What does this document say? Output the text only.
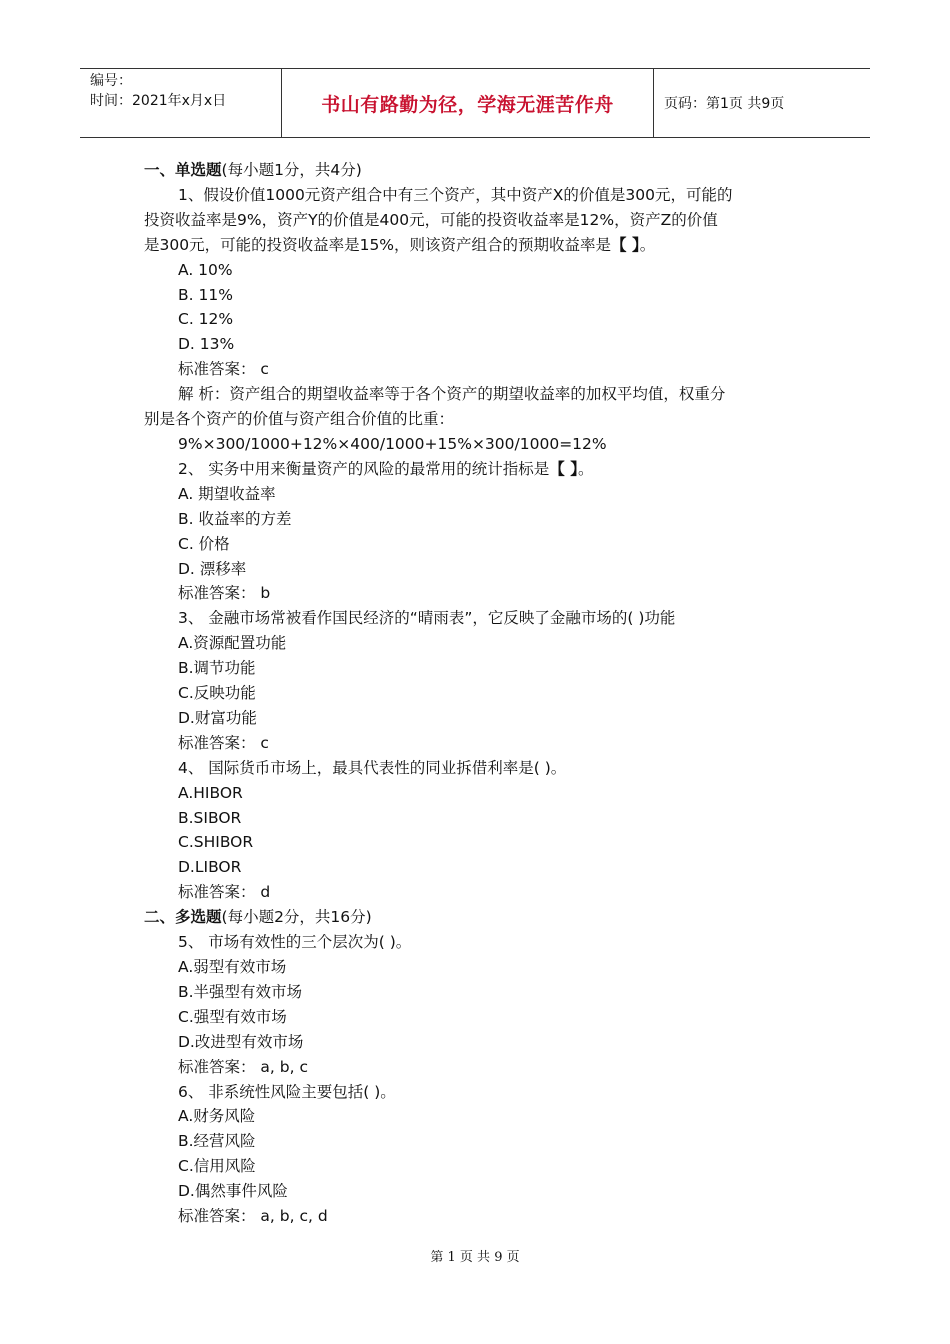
编号：
时间：2021年x月x日	书山有路勤为径，学海无涯苦作舟	页码：第1页 共9页
一、单选题(每小题1分，共4分)
1、假设价值1000元资产组合中有三个资产，其中资产X的价值是300元，可能的
投资收益率是9%，资产Y的价值是400元，可能的投资收益率是12%，资产Z的价值
是300元，可能的投资收益率是15%，则该资产组合的预期收益率是【 】。
A. 10%
B. 11%
C. 12%
D. 13%
标准答案： c
解 析：资产组合的期望收益率等于各个资产的期望收益率的加权平均值，权重分
别是各个资产的价值与资产组合价值的比重：
9%×300/1000+12%×400/1000+15%×300/1000=12%
2、 实务中用来衡量资产的风险的最常用的统计指标是【 】。
A. 期望收益率
B. 收益率的方差
C. 价格
D. 漂移率
标准答案： b
3、 金融市场常被看作国民经济的“晴雨表”，它反映了金融市场的( )功能
A.资源配置功能
B.调节功能
C.反映功能
D.财富功能
标准答案： c
4、 国际货币市场上，最具代表性的同业拆借利率是( )。
A.HIBOR
B.SIBOR
C.SHIBOR
D.LIBOR
标准答案： d
二、多选题(每小题2分，共16分)
5、 市场有效性的三个层次为( )。
A.弱型有效市场
B.半强型有效市场
C.强型有效市场
D.改进型有效市场
标准答案： a, b, c
6、 非系统性风险主要包括( )。
A.财务风险
B.经营风险
C.信用风险
D.偶然事件风险
标准答案： a, b, c, d
第 1 页 共 9 页
